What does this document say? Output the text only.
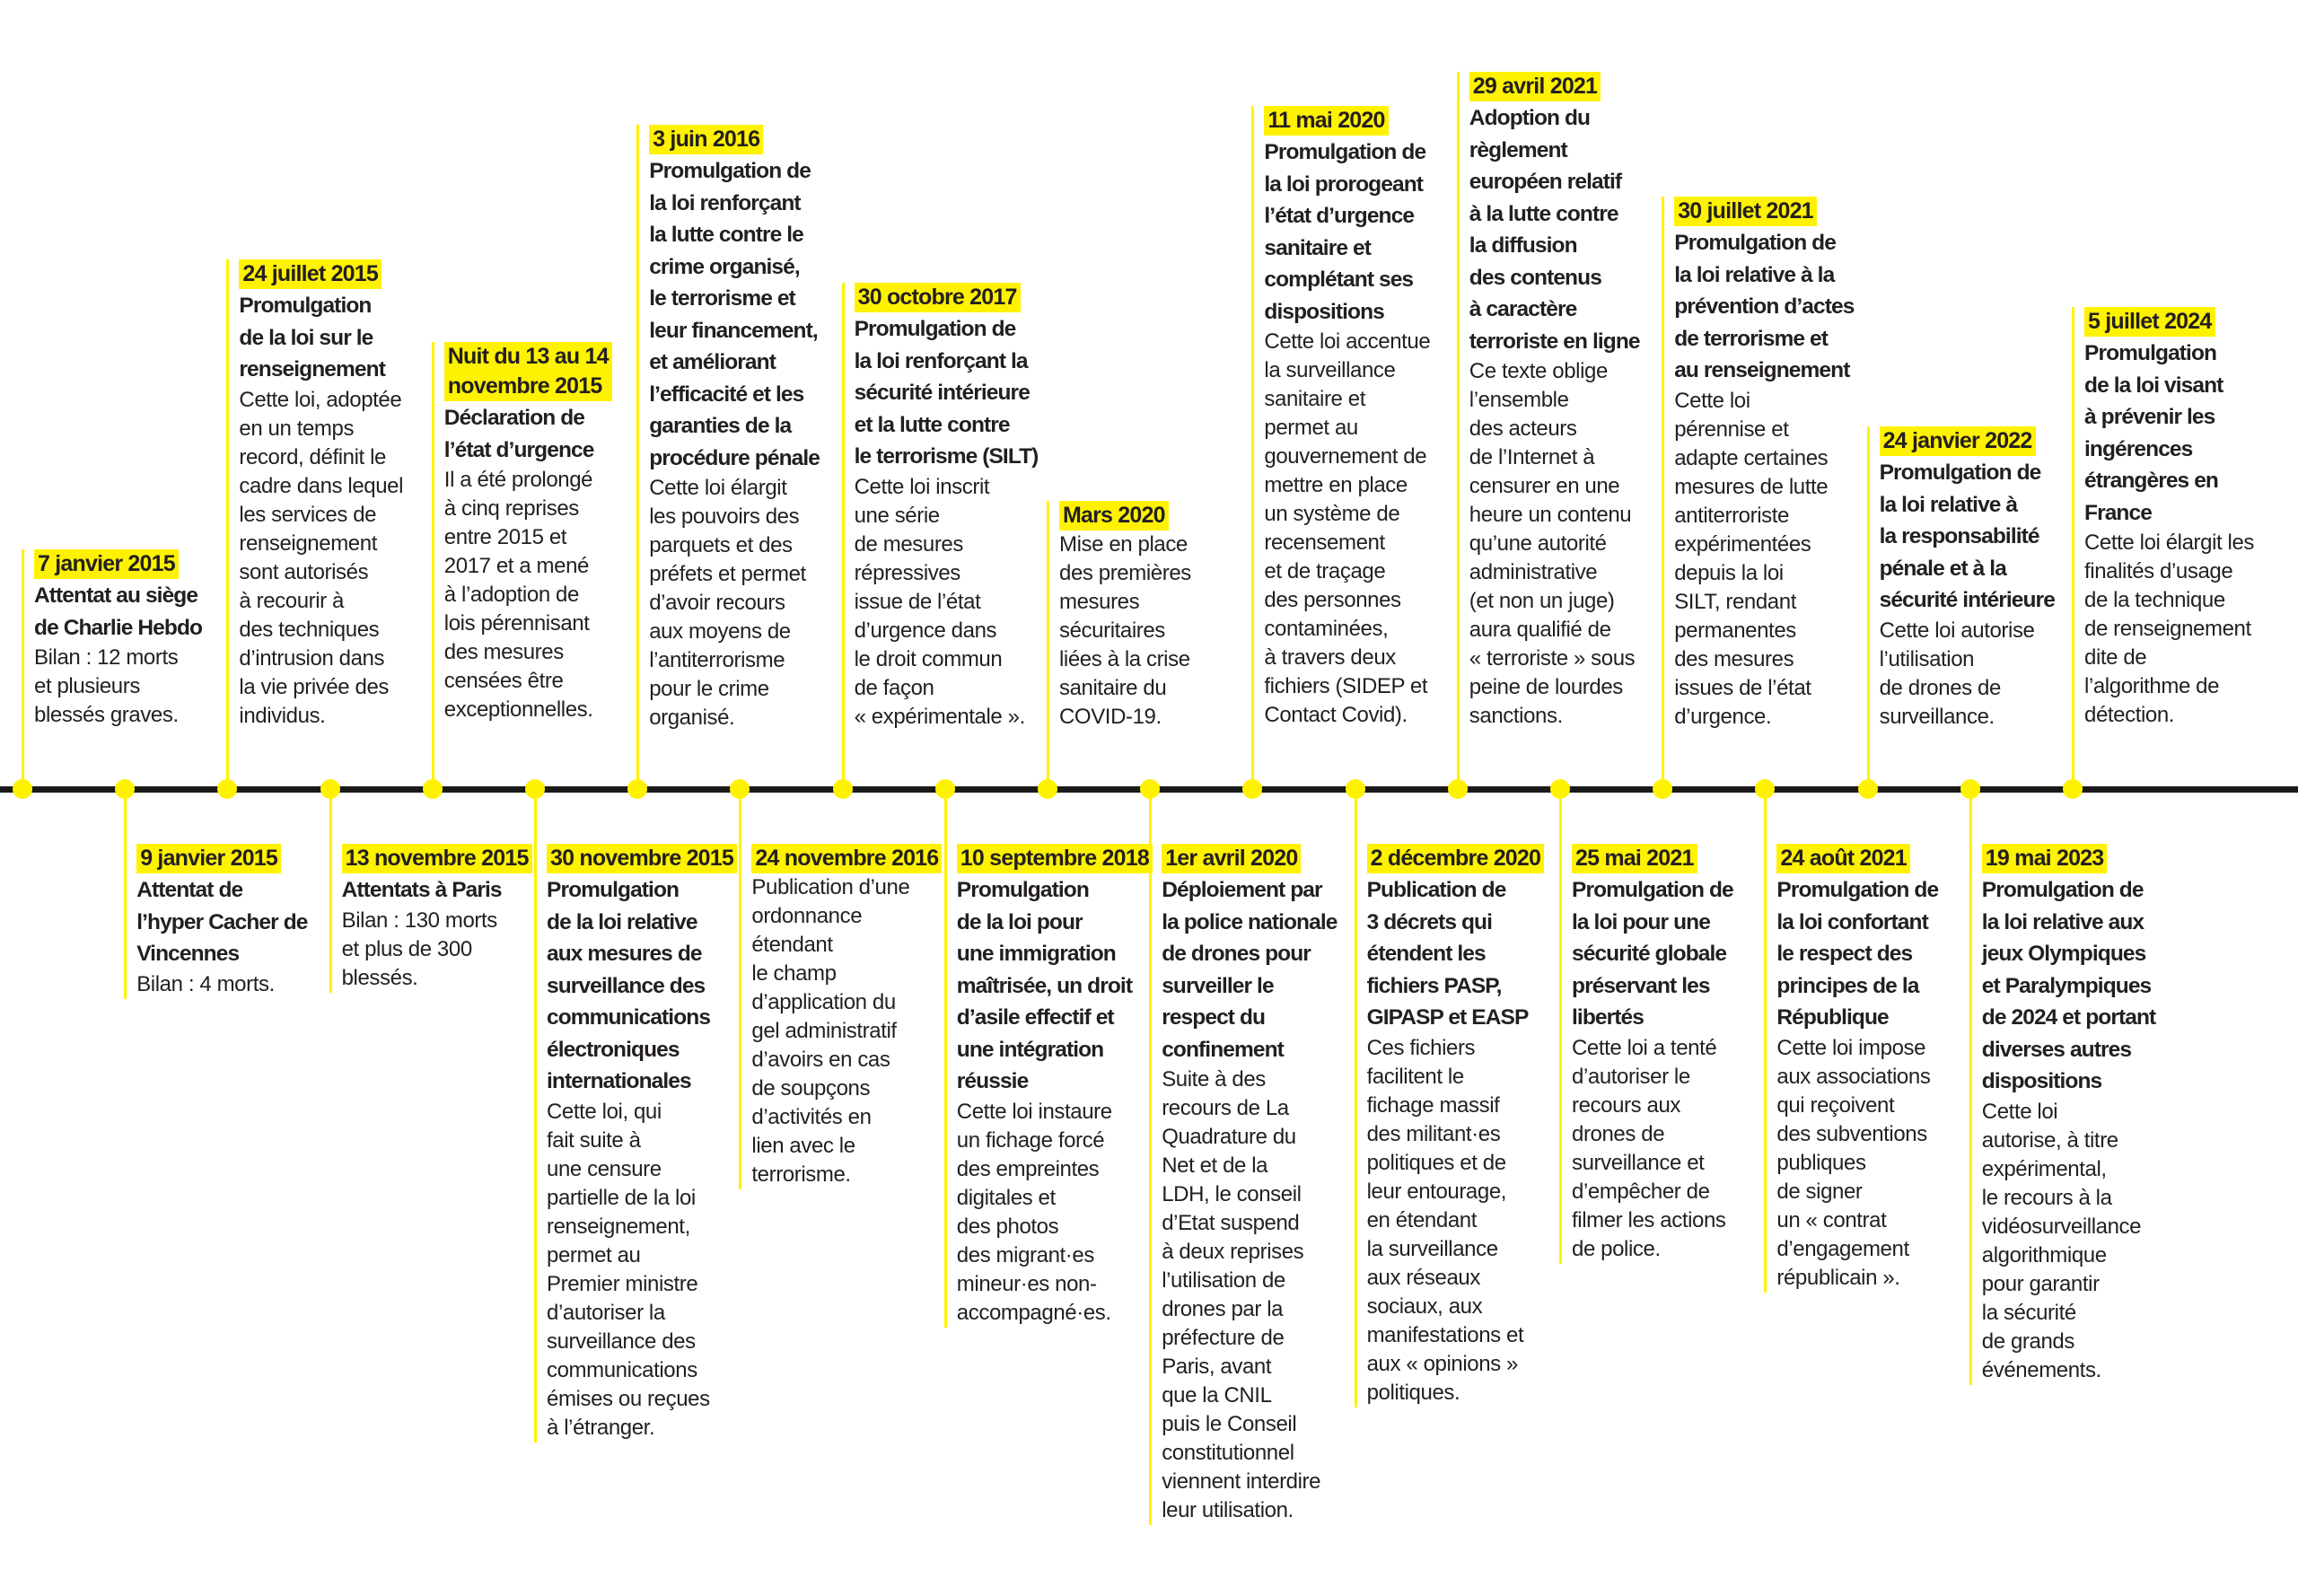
7 janvier 2015
Attentat au siège
de Charlie Hebdo
Bilan : 12 morts
et plusieurs
blessés graves.
9 janvier 2015
Attentat de
l’hyper Cacher de
Vincennes
Bilan : 4 morts.
24 juillet 2015
Promulgation
de la loi sur le
renseignement
Cette loi, adoptée
en un temps
record, définit le
cadre dans lequel
les services de
renseignement
sont autorisés
à recourir à
des techniques
d’intrusion dans
la vie privée des
individus.
13 novembre 2015
Attentats à Paris
Bilan : 130 morts
et plus de 300
blessés.
Nuit du 13 au 14
novembre 2015
Déclaration de
l’état d’urgence
Il a été prolongé
à cinq reprises
entre 2015 et
2017 et a mené
à l’adoption de
lois pérennisant
des mesures
censées être
exceptionnelles.
30 novembre 2015
Promulgation
de la loi relative
aux mesures de
surveillance des
communications
électroniques
internationales
Cette loi, qui
fait suite à
une censure
partielle de la loi
renseignement,
permet au
Premier ministre
d’autoriser la
surveillance des
communications
émises ou reçues
à l’étranger.
3 juin 2016
Promulgation de
la loi renforçant
la lutte contre le
crime organisé,
le terrorisme et
leur financement,
et améliorant
l’efficacité et les
garanties de la
procédure pénale
Cette loi élargit
les pouvoirs des
parquets et des
préfets et permet
d’avoir recours
aux moyens de
l’antiterrorisme
pour le crime
organisé.
24 novembre 2016
Publication d’une
ordonnance
étendant
le champ
d’application du
gel administratif
d’avoirs en cas
de soupçons
d’activités en
lien avec le
terrorisme.
30 octobre 2017
Promulgation de
la loi renforçant la
sécurité intérieure
et la lutte contre
le terrorisme (SILT)
Cette loi inscrit
une série
de mesures
répressives
issue de l’état
d’urgence dans
le droit commun
de façon
« expérimentale ».
10 septembre 2018
Promulgation
de la loi pour
une immigration
maîtrisée, un droit
d’asile effectif et
une intégration
réussie
Cette loi instaure
un fichage forcé
des empreintes
digitales et
des photos
des migrant·es
mineur·es non-
accompagné·es.
Mars 2020
Mise en place
des premières
mesures
sécuritaires
liées à la crise
sanitaire du
COVID-19.
1er avril 2020
Déploiement par
la police nationale
de drones pour
surveiller le
respect du
confinement
Suite à des
recours de La
Quadrature du
Net et de la
LDH, le conseil
d’Etat suspend
à deux reprises
l’utilisation de
drones par la
préfecture de
Paris, avant
que la CNIL
puis le Conseil
constitutionnel
viennent interdire
leur utilisation.
11 mai 2020
Promulgation de
la loi prorogeant
l’état d’urgence
sanitaire et
complétant ses
dispositions
Cette loi accentue
la surveillance
sanitaire et
permet au
gouvernement de
mettre en place
un système de
recensement
et de traçage
des personnes
contaminées,
à travers deux
fichiers (SIDEP et
Contact Covid).
2 décembre 2020
Publication de
3 décrets qui
étendent les
fichiers PASP,
GIPASP et EASP
Ces fichiers
facilitent le
fichage massif
des militant·es
politiques et de
leur entourage,
en étendant
la surveillance
aux réseaux
sociaux, aux
manifestations et
aux « opinions »
politiques.
29 avril 2021
Adoption du
règlement
européen relatif
à la lutte contre
la diffusion
des contenus
à caractère
terroriste en ligne
Ce texte oblige
l’ensemble
des acteurs
de l’Internet à
censurer en une
heure un contenu
qu’une autorité
administrative
(et non un juge)
aura qualifié de
« terroriste » sous
peine de lourdes
sanctions.
25 mai 2021
Promulgation de
la loi pour une
sécurité globale
préservant les
libertés
Cette loi a tenté
d’autoriser le
recours aux
drones de
surveillance et
d’empêcher de
filmer les actions
de police.
30 juillet 2021
Promulgation de
la loi relative à la
prévention d’actes
de terrorisme et
au renseignement
Cette loi
pérennise et
adapte certaines
mesures de lutte
antiterroriste
expérimentées
depuis la loi
SILT, rendant
permanentes
des mesures
issues de l’état
d’urgence.
24 août 2021
Promulgation de
la loi confortant
le respect des
principes de la
République
Cette loi impose
aux associations
qui reçoivent
des subventions
publiques
de signer
un « contrat
d’engagement
républicain ».
24 janvier 2022
Promulgation de
la loi relative à
la responsabilité
pénale et à la
sécurité intérieure
Cette loi autorise
l’utilisation
de drones de
surveillance.
19 mai 2023
Promulgation de
la loi relative aux
jeux Olympiques
et Paralympiques
de 2024 et portant
diverses autres
dispositions
Cette loi
autorise, à titre
expérimental,
le recours à la
vidéosurveillance
algorithmique
pour garantir
la sécurité
de grands
événements.
5 juillet 2024
Promulgation
de la loi visant
à prévenir les
ingérences
étrangères en
France
Cette loi élargit les
finalités d’usage
de la technique
de renseignement
dite de
l’algorithme de
détection.
